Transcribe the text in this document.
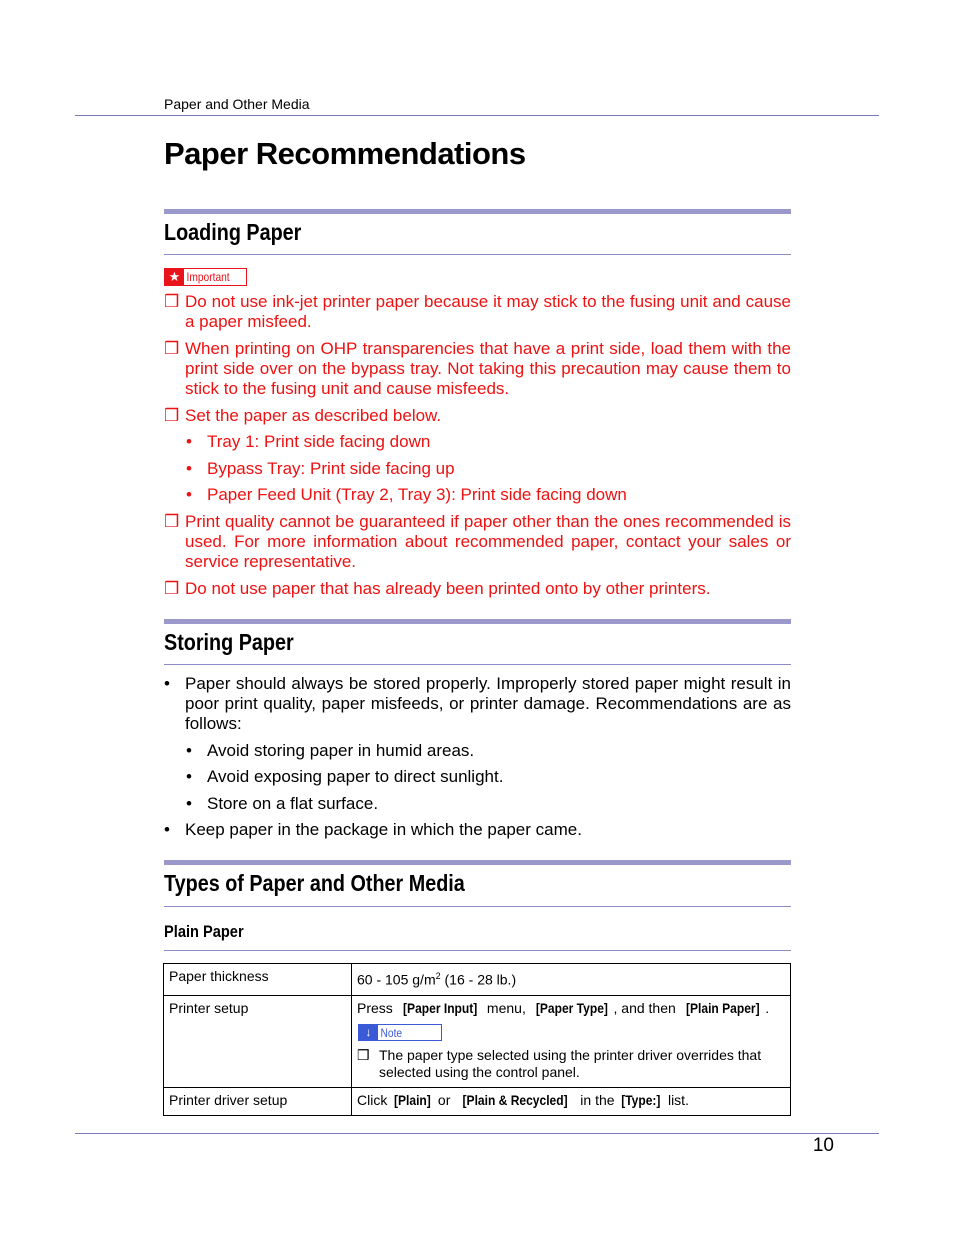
Paper and Other Media
Paper Recommendations
Loading Paper
★ Important
❒ Do not use ink-jet printer paper because it may stick to the fusing unit and cause a paper misfeed.
❒ When printing on OHP transparencies that have a print side, load them with the print side over on the bypass tray. Not taking this precaution may cause them to stick to the fusing unit and cause misfeeds.
❒ Set the paper as described below.
• Tray 1: Print side facing down
• Bypass Tray: Print side facing up
• Paper Feed Unit (Tray 2, Tray 3): Print side facing down
❒ Print quality cannot be guaranteed if paper other than the ones recommended is used. For more information about recommended paper, contact your sales or service representative.
❒ Do not use paper that has already been printed onto by other printers.
Storing Paper
• Paper should always be stored properly. Improperly stored paper might result in poor print quality, paper misfeeds, or printer damage. Recommendations are as follows:
• Avoid storing paper in humid areas.
• Avoid exposing paper to direct sunlight.
• Store on a flat surface.
• Keep paper in the package in which the paper came.
Types of Paper and Other Media
Plain Paper
Paper thickness	60 - 105 $g/m^2$ (16 - 28 lb.)
Printer setup	Press [Paper Input] menu, [Paper Type] , and then [Plain Paper] .
❒ The paper type selected using the printer driver overrides that selected using the control panel.

Printer driver setup	Click [Plain] or [Plain & Recycled] in the [Type:] list.
↓ Note
10
